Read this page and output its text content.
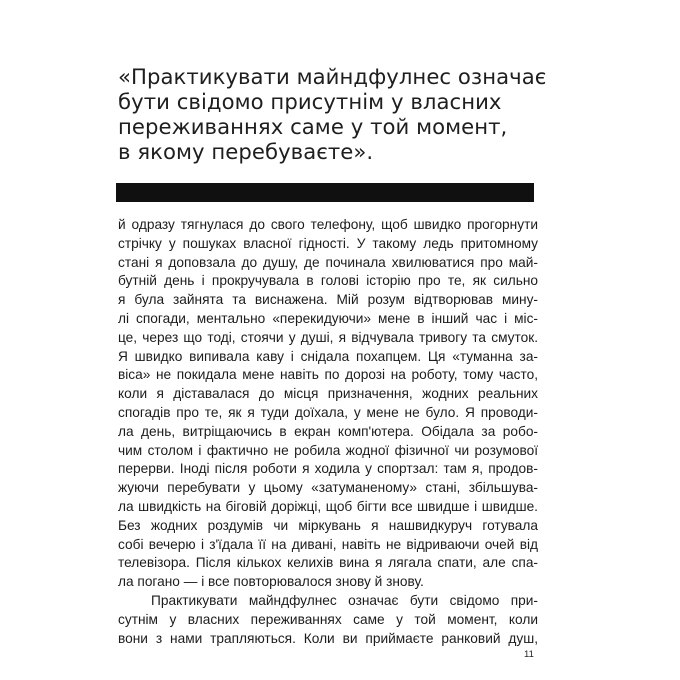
«Практикувати майндфулнес означає
бути свідомо присутнім у власних
переживаннях саме у той момент,
в якому перебуваєте».
й одразу тягнулася до свого телефону, щоб швидко прогорнути
стрічку у пошуках власної гідності. У такому ледь притомному
стані я доповзала до душу, де починала хвилюватися про май-
бутній день і прокручувала в голові історію про те, як сильно
я була зайнята та виснажена. Мій розум відтворював мину-
лі спогади, ментально «перекидуючи» мене в інший час і міс-
це, через що тоді, стоячи у душі, я відчувала тривогу та смуток.
Я швидко випивала каву і снідала похапцем. Ця «туманна за-
віса» не покидала мене навіть по дорозі на роботу, тому часто,
коли я діставалася до місця призначення, жодних реальних
спогадів про те, як я туди доїхала, у мене не було. Я проводи-
ла день, витріщаючись в екран комп'ютера. Обідала за робо-
чим столом і фактично не робила жодної фізичної чи розумової
перерви. Іноді після роботи я ходила у спортзал: там я, продов-
жуючи перебувати у цьому «затуманеному» стані, збільшува-
ла швидкість на біговій доріжці, щоб бігти все швидше і швидше.
Без жодних роздумів чи міркувань я нашвидкуруч готувала
собі вечерю і з'їдала її на дивані, навіть не відриваючи очей від
телевізора. Після кількох келихів вина я лягала спати, але спа-
ла погано — і все повторювалося знову й знову.
Практикувати майндфулнес означає бути свідомо при-
сутнім у власних переживаннях саме у той момент, коли
вони з нами трапляються. Коли ви приймаєте ранковий душ,
11
